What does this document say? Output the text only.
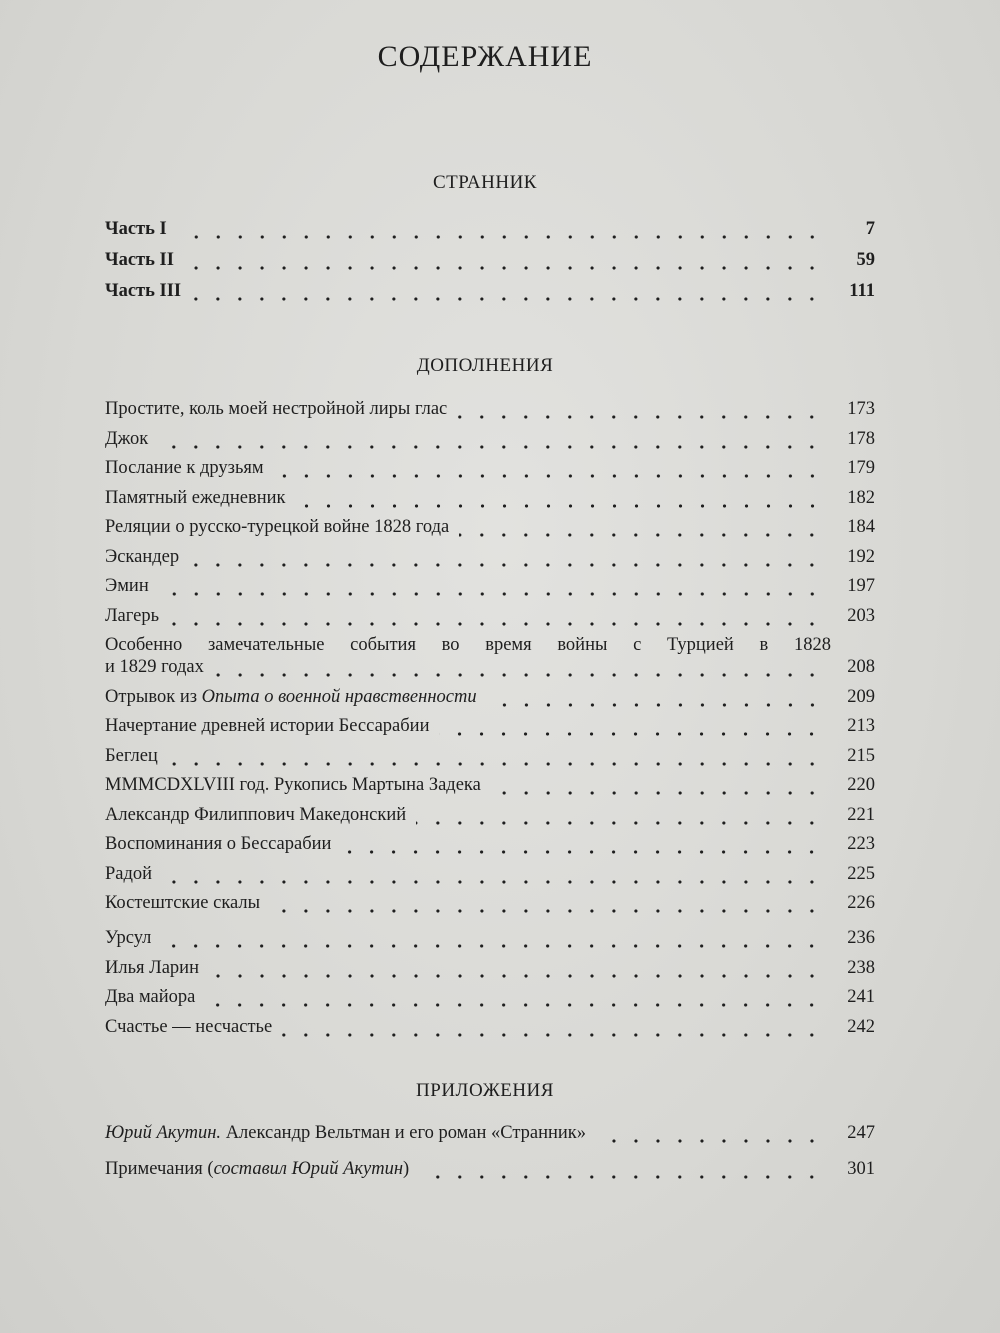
СОДЕРЖАНИЕ
СТРАННИК
Часть I	7
Часть II	59
Часть III	111
ДОПОЛНЕНИЯ
Простите, коль моей нестройной лиры глас	173
Джок	178
Послание к друзьям	179
Памятный ежедневник	182
Реляции о русско-турецкой войне 1828 года	184
Эскандер	192
Эмин	197
Лагерь	203
Особенно замечательные события во время войны с Турцией в 1828
и 1829 годах	208
Отрывок из Опыта о военной нравственности	209
Начертание древней истории Бессарабии	213
Беглец	215
MMMCDXLVIII год. Рукопись Мартына Задека	220
Александр Филиппович Македонский	221
Воспоминания о Бессарабии	223
Радой	225
Костештские скалы	226
Урсул	236
Илья Ларин	238
Два майора	241
Счастье — несчастье	242
ПРИЛОЖЕНИЯ
Юрий Акутин. Александр Вельтман и его роман «Странник»	247
Примечания (составил Юрий Акутин)	301
